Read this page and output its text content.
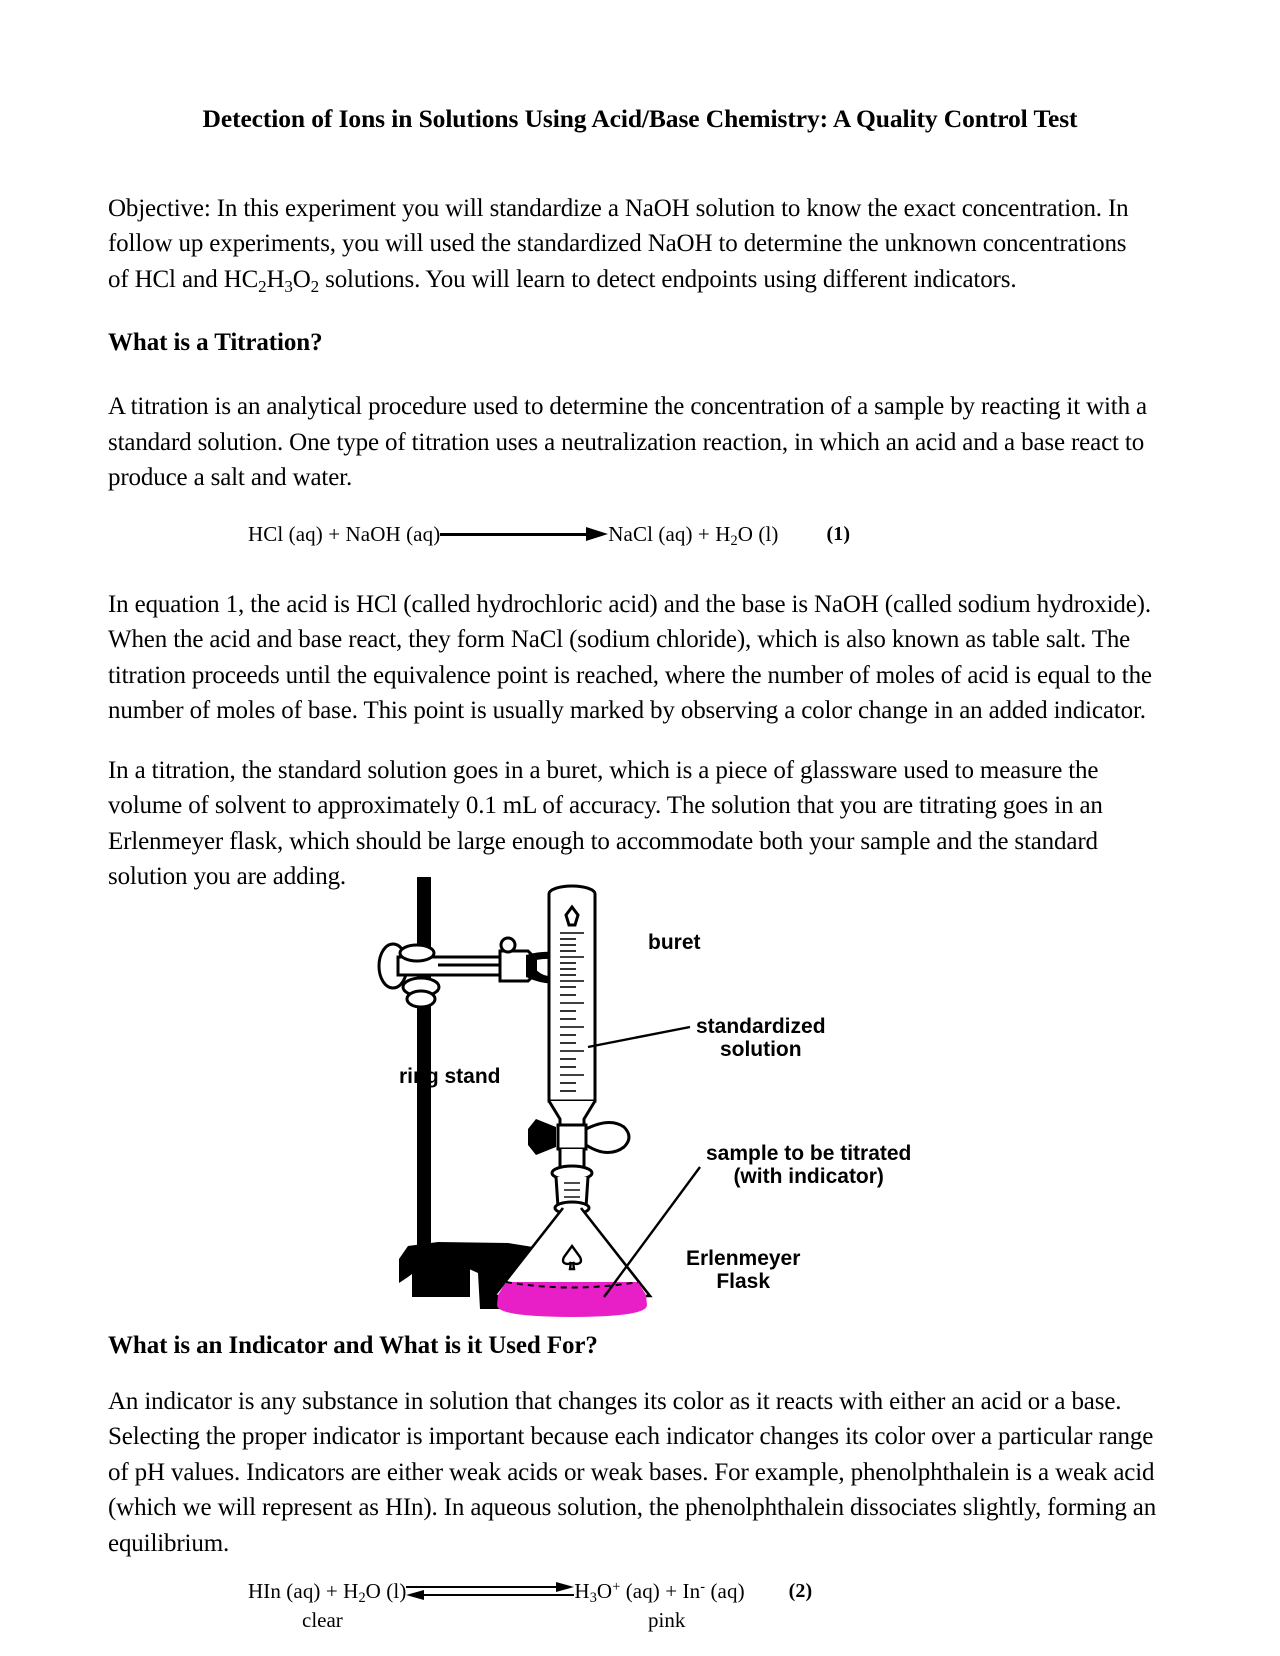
Detection of Ions in Solutions Using Acid/Base Chemistry: A Quality Control Test

Objective: In this experiment you will standardize a NaOH solution to know the exact concentration. In
follow up experiments, you will used the standardized NaOH to determine the unknown concentrations
of HCl and $HC_2H_3O_2$ solutions. You will learn to detect endpoints using different indicators.

What is a Titration?

A titration is an analytical procedure used to determine the concentration of a sample by reacting it with a standard solution. One type of titration uses a neutralization reaction, in which an acid and a base react to produce a salt and water.

HCl (aq) + NaOH (aq)	NaCl $(aq) + H_2O$ (l) (1)

In equation 1, the acid is HCl (called hydrochloric acid) and the base is NaOH (called sodium hydroxide). When the acid and base react, they form NaCl (sodium chloride), which is also known as table salt. The titration proceeds until the equivalence point is reached, where the number of moles of acid is equal to the number of moles of base. This point is usually marked by observing a color change in an added indicator.

In a titration, the standard solution goes in a buret, which is a piece of glassware used to measure the volume of solvent to approximately 0.1 mL of accuracy. The solution that you are titrating goes in an Erlenmeyer flask, which should be large enough to accommodate both your sample and the standard solution you are adding.

buret
standardized
solution
ring stand
sample to be titrated
(with indicator)
Erlenmeyer
Flask
What is an Indicator and What is it Used For?

An indicator is any substance in solution that changes its color as it reacts with either an acid or a base. Selecting the proper indicator is important because each indicator changes its color over a particular range of pH values. Indicators are either weak acids or weak bases. For example, phenolphthalein is a weak acid (which we will represent as HIn). In aqueous solution, the phenolphthalein dissociates slightly, forming an equilibrium.

HIn $(aq) + H_2O$ (l)	$H_3O^+$ (aq) + In- (aq) (2)
clear	pink
